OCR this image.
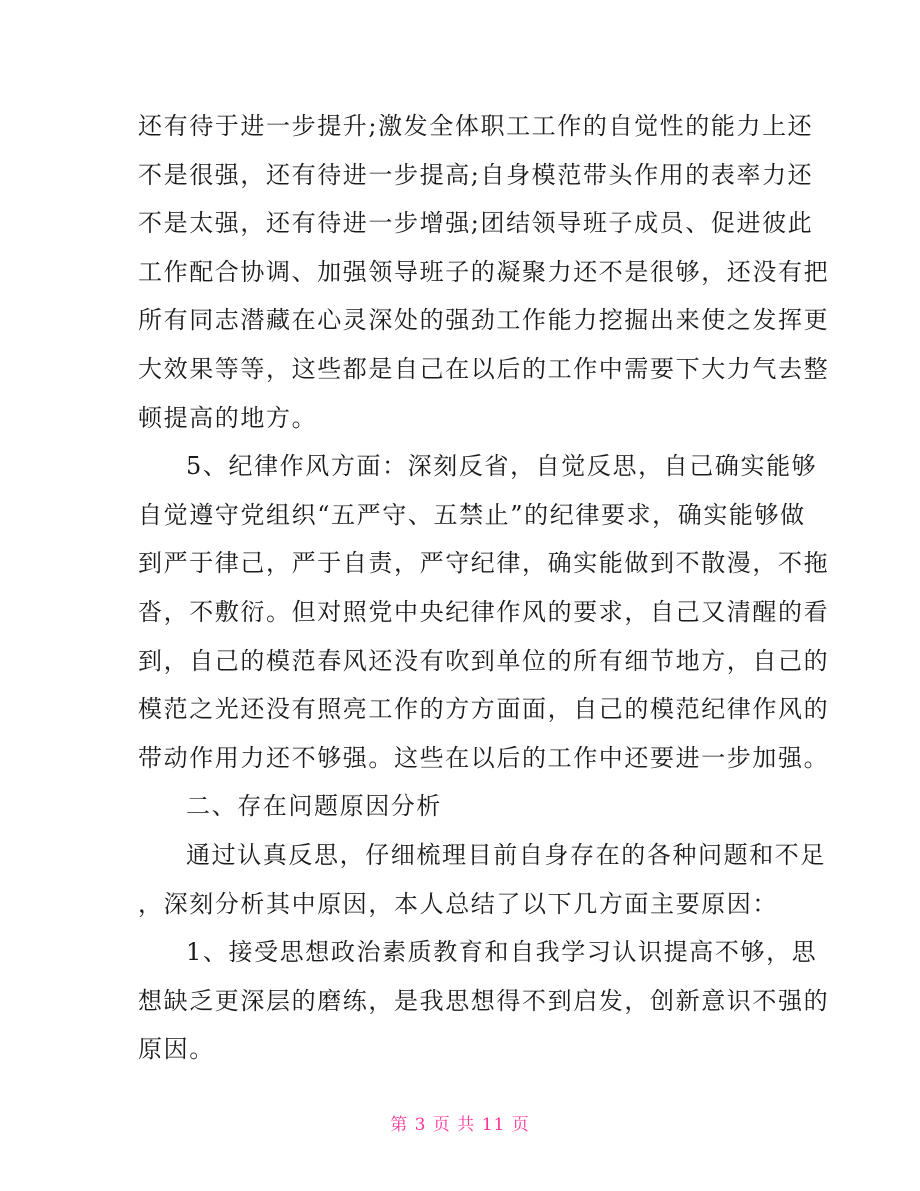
还有待于进一步提升;激发全体职工工作的自觉性的能力上还
不是很强，还有待进一步提高;自身模范带头作用的表率力还
不是太强，还有待进一步增强;团结领导班子成员、促进彼此
工作配合协调、加强领导班子的凝聚力还不是很够，还没有把
所有同志潜藏在心灵深处的强劲工作能力挖掘出来使之发挥更
大效果等等，这些都是自己在以后的工作中需要下大力气去整
顿提高的地方。
5、纪律作风方面：深刻反省，自觉反思，自己确实能够
自觉遵守党组织“五严守、五禁止”的纪律要求，确实能够做
到严于律己，严于自责，严守纪律，确实能做到不散漫，不拖
沓，不敷衍。但对照党中央纪律作风的要求，自己又清醒的看
到，自己的模范春风还没有吹到单位的所有细节地方，自己的
模范之光还没有照亮工作的方方面面，自己的模范纪律作风的
带动作用力还不够强。这些在以后的工作中还要进一步加强。
二、存在问题原因分析
通过认真反思，仔细梳理目前自身存在的各种问题和不足
，深刻分析其中原因，本人总结了以下几方面主要原因：
1、接受思想政治素质教育和自我学习认识提高不够，思
想缺乏更深层的磨练，是我思想得不到启发，创新意识不强的
原因。
第 3 页 共 11 页
